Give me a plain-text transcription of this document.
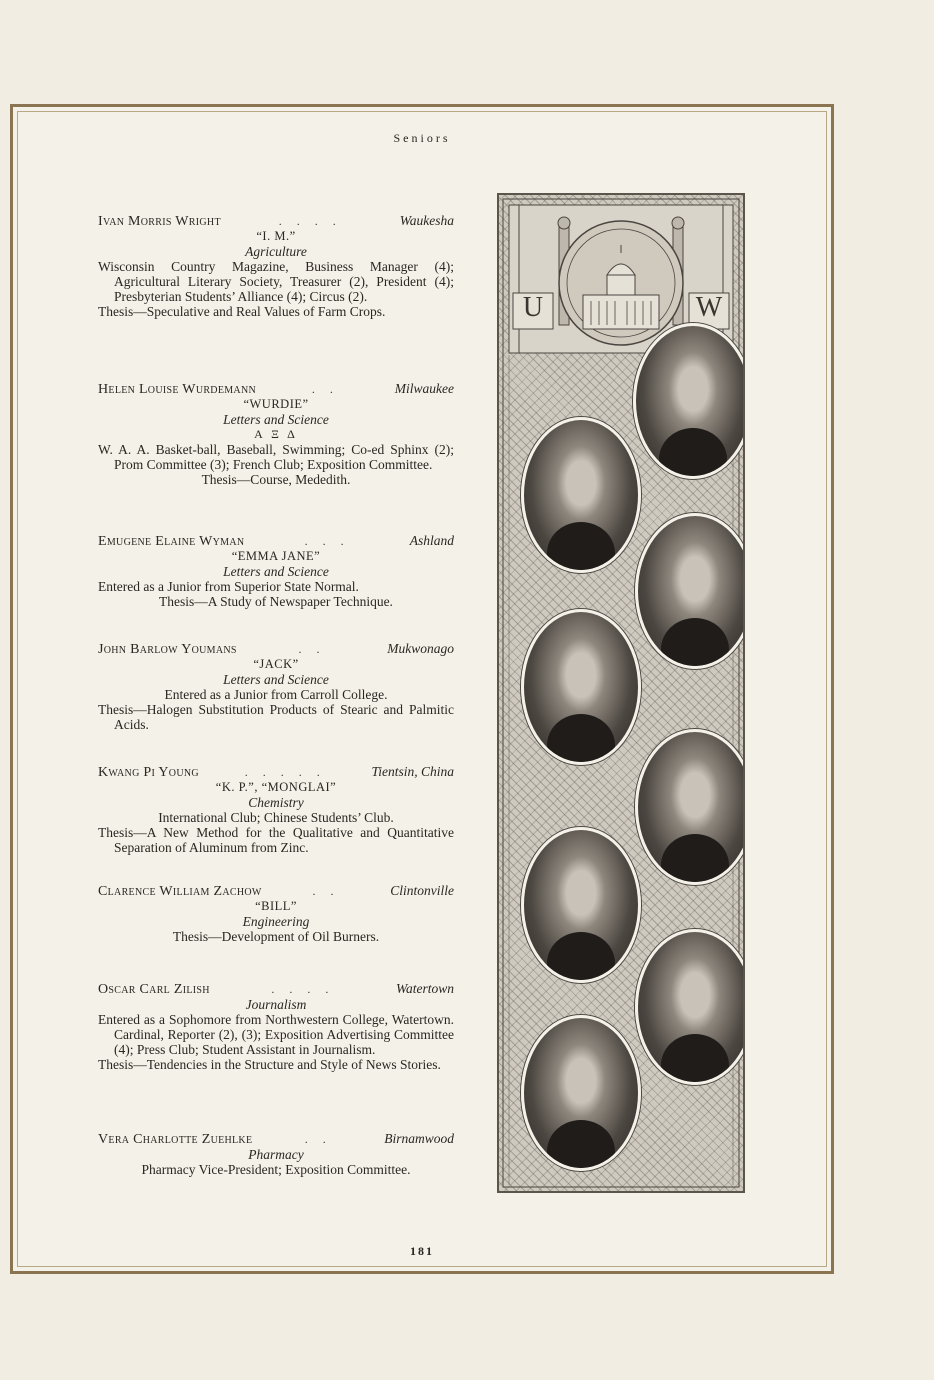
Seniors
Ivan Morris Wright	. . . .	Waukesha
“I. M.”
Agriculture
Wisconsin Country Magazine, Business Manager (4); Agricultural Literary Society, Treasurer (2), President (4); Presbyterian Students’ Alliance (4); Circus (2).
Thesis—Speculative and Real Values of Farm Crops.
Helen Louise Wurdemann	. .	Milwaukee
“WURDIE”
Letters and Science
A Ξ Δ
W. A. A. Basket-ball, Baseball, Swimming; Co-ed Sphinx (2); Prom Committee (3); French Club; Exposition Committee.
Thesis—Course, Mededith.
Emugene Elaine Wyman	. . .	Ashland
“EMMA JANE”
Letters and Science
Entered as a Junior from Superior State Normal.
Thesis—A Study of Newspaper Technique.
John Barlow Youmans	. .	Mukwonago
“JACK”
Letters and Science
Entered as a Junior from Carroll College.
Thesis—Halogen Substitution Products of Stearic and Palmitic Acids.
Kwang Pi Young	. . . . .	Tientsin, China
“K. P.”, “MONGLAI”
Chemistry
International Club; Chinese Students’ Club.
Thesis—A New Method for the Qualitative and Quantitative Separation of Aluminum from Zinc.
Clarence William Zachow	. .	Clintonville
“BILL”
Engineering
Thesis—Development of Oil Burners.
Oscar Carl Zilish	. . . .	Watertown
Journalism
Entered as a Sophomore from Northwestern College, Watertown. Cardinal, Reporter (2), (3); Exposition Advertising Committee (4); Press Club; Student Assistant in Journalism.
Thesis—Tendencies in the Structure and Style of News Stories.
Vera Charlotte Zuehlke	. .	Birnamwood
Pharmacy
Pharmacy Vice-President; Exposition Committee.
U	W
181
